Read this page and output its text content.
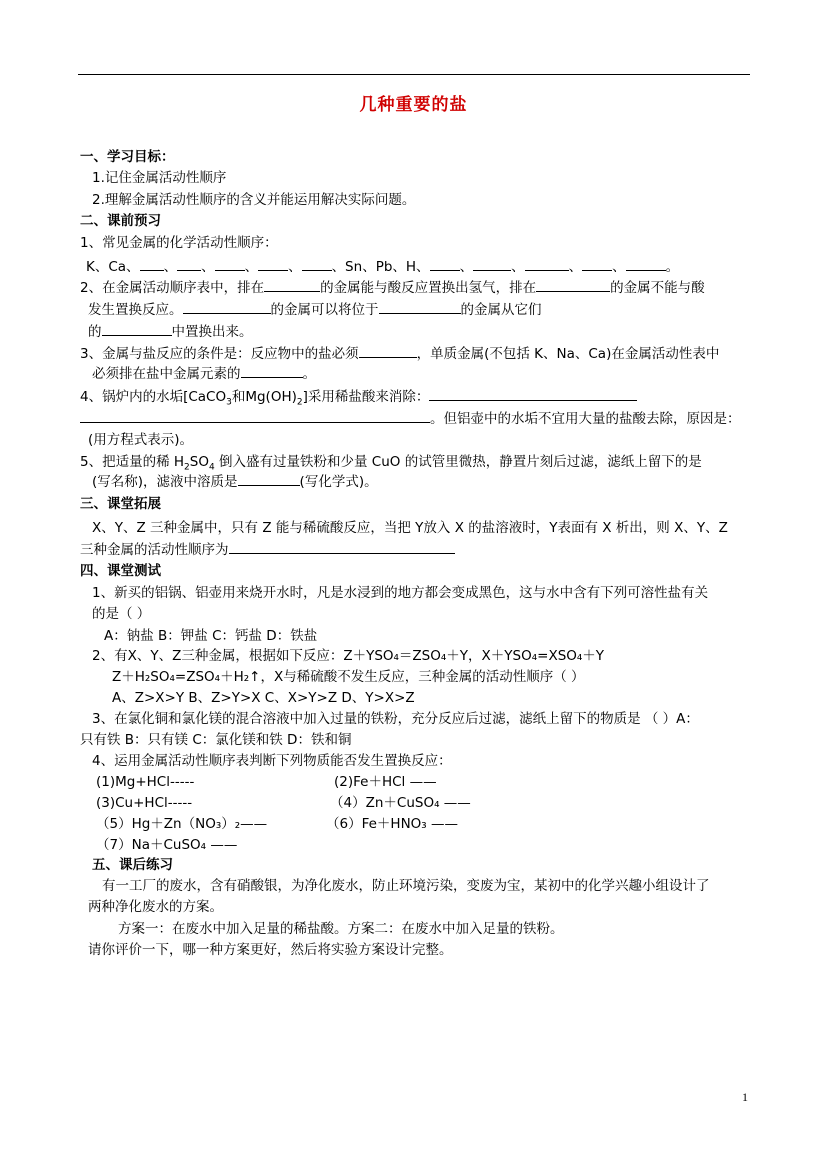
几种重要的盐
一、学习目标：
1.记住金属活动性顺序
2.理解金属活动性顺序的含义并能运用解决实际问题。
二、课前预习
1、常见金属的化学活动性顺序：
K、Ca、 、 、 、 、 、Sn、Pb、H、 、	、	、 、	。
2、在金属活动顺序表中，排在	的金属能与酸反应置换出氢气，排在	的金属不能与酸
发生置换反应。	的金属可以将位于	的金属从它们
的	中置换出来。
3、金属与盐反应的条件是：反应物中的盐必须	，单质金属(不包括 K、Na、Ca)在金属活动性表中
必须排在盐中金属元素的	。
4、锅炉内的水垢[CaCO$_3$和$Mg(OH)_2$]采用稀盐酸来消除：
。但铝壶中的水垢不宜用大量的盐酸去除，原因是：
(用方程式表示)。
5、把适量的稀 $H_2SO_4$ 倒入盛有过量铁粉和少量 CuO 的试管里微热，静置片刻后过滤，滤纸上留下的是
(写名称)，滤液中溶质是	(写化学式)。
三、课堂拓展
X、Y、Z 三种金属中，只有 Z 能与稀硫酸反应，当把 Y放入 X 的盐溶液时，Y表面有 X 析出，则 X、Y、Z
三种金属的活动性顺序为
四、课堂测试
1、新买的铝锅、铝壶用来烧开水时，凡是水浸到的地方都会变成黑色，这与水中含有下列可溶性盐有关
的是（ ）
A：钠盐 B：钾盐 C：钙盐 D：铁盐
2、有X、Y、Z三种金属，根据如下反应：Z＋YSO₄＝ZSO₄＋Y，X＋YSO₄=XSO₄＋Y
Z＋H₂SO₄=ZSO₄＋H₂↑，X与稀硫酸不发生反应，三种金属的活动性顺序（ ）
A、Z>X>Y B、Z>Y>X C、X>Y>Z D、Y>X>Z
3、在氯化铜和氯化镁的混合溶液中加入过量的铁粉，充分反应后过滤，滤纸上留下的物质是 （ ）A：
只有铁 B：只有镁 C：氯化镁和铁 D：铁和铜
4、运用金属活动性顺序表判断下列物质能否发生置换反应：
(1)Mg+HCl-----	(2)Fe＋HCl ——
(3)Cu+HCl-----	（4）Zn＋CuSO₄ ——
（5）Hg＋Zn（NO₃）₂——	（6）Fe＋HNO₃ ——
（7）Na＋CuSO₄ ——
五、课后练习
有一工厂的废水，含有硝酸银，为净化废水，防止环境污染，变废为宝，某初中的化学兴趣小组设计了
两种净化废水的方案。
方案一：在废水中加入足量的稀盐酸。方案二：在废水中加入足量的铁粉。
请你评价一下，哪一种方案更好，然后将实验方案设计完整。
1
